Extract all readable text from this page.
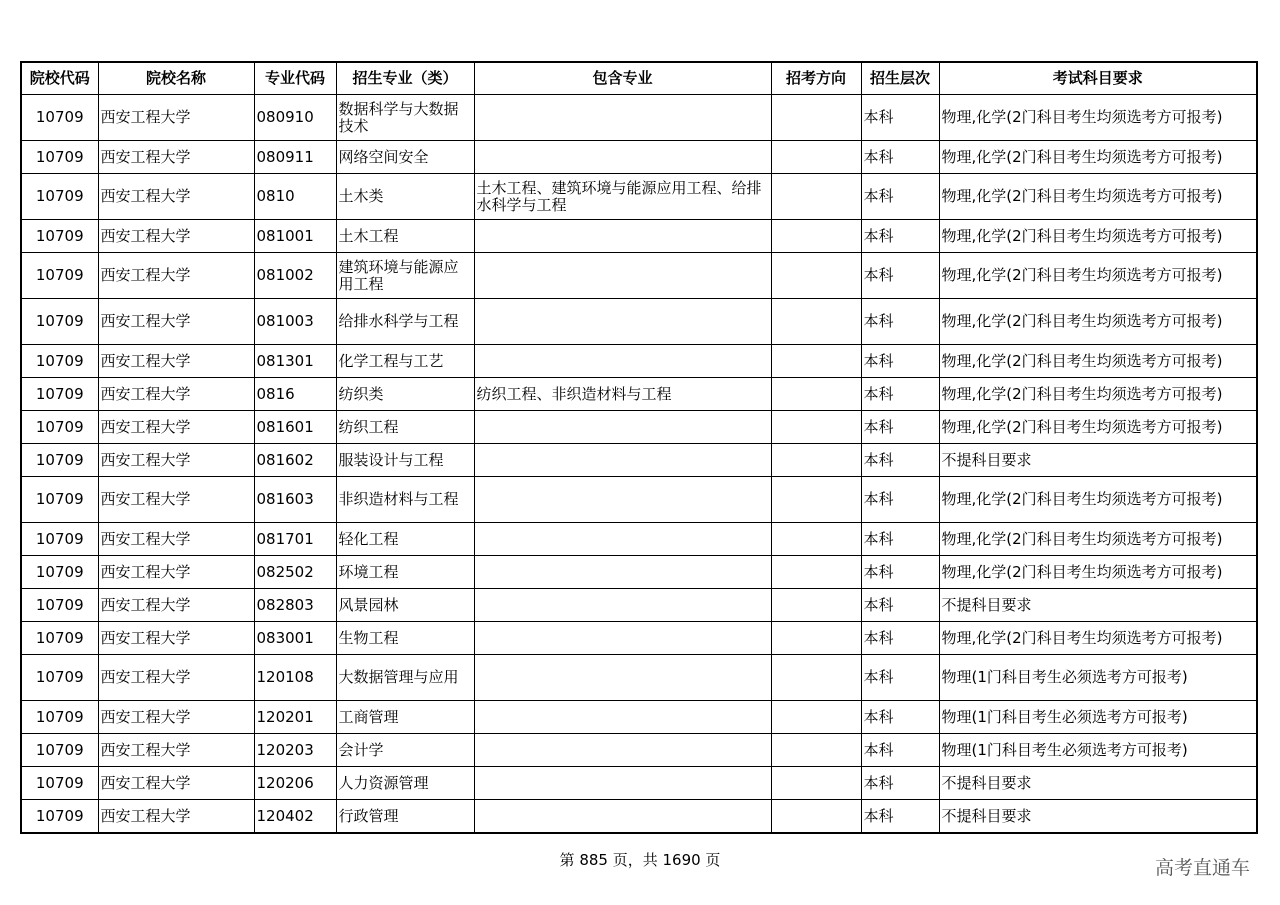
院校代码	院校名称	专业代码	招生专业（类）	包含专业	招考方向	招生层次	考试科目要求
10709	西安工程大学	080910	数据科学与大数据技术			本科	物理,化学(2门科目考生均须选考方可报考)
10709	西安工程大学	080911	网络空间安全			本科	物理,化学(2门科目考生均须选考方可报考)
10709	西安工程大学	0810	土木类	土木工程、建筑环境与能源应用工程、给排水科学与工程		本科	物理,化学(2门科目考生均须选考方可报考)
10709	西安工程大学	081001	土木工程			本科	物理,化学(2门科目考生均须选考方可报考)
10709	西安工程大学	081002	建筑环境与能源应用工程			本科	物理,化学(2门科目考生均须选考方可报考)
10709	西安工程大学	081003	给排水科学与工程			本科	物理,化学(2门科目考生均须选考方可报考)
10709	西安工程大学	081301	化学工程与工艺			本科	物理,化学(2门科目考生均须选考方可报考)
10709	西安工程大学	0816	纺织类	纺织工程、非织造材料与工程		本科	物理,化学(2门科目考生均须选考方可报考)
10709	西安工程大学	081601	纺织工程			本科	物理,化学(2门科目考生均须选考方可报考)
10709	西安工程大学	081602	服装设计与工程			本科	不提科目要求
10709	西安工程大学	081603	非织造材料与工程			本科	物理,化学(2门科目考生均须选考方可报考)
10709	西安工程大学	081701	轻化工程			本科	物理,化学(2门科目考生均须选考方可报考)
10709	西安工程大学	082502	环境工程			本科	物理,化学(2门科目考生均须选考方可报考)
10709	西安工程大学	082803	风景园林			本科	不提科目要求
10709	西安工程大学	083001	生物工程			本科	物理,化学(2门科目考生均须选考方可报考)
10709	西安工程大学	120108	大数据管理与应用			本科	物理(1门科目考生必须选考方可报考)
10709	西安工程大学	120201	工商管理			本科	物理(1门科目考生必须选考方可报考)
10709	西安工程大学	120203	会计学			本科	物理(1门科目考生必须选考方可报考)
10709	西安工程大学	120206	人力资源管理			本科	不提科目要求
10709	西安工程大学	120402	行政管理			本科	不提科目要求
第 885 页，共 1690 页	高考直通车
